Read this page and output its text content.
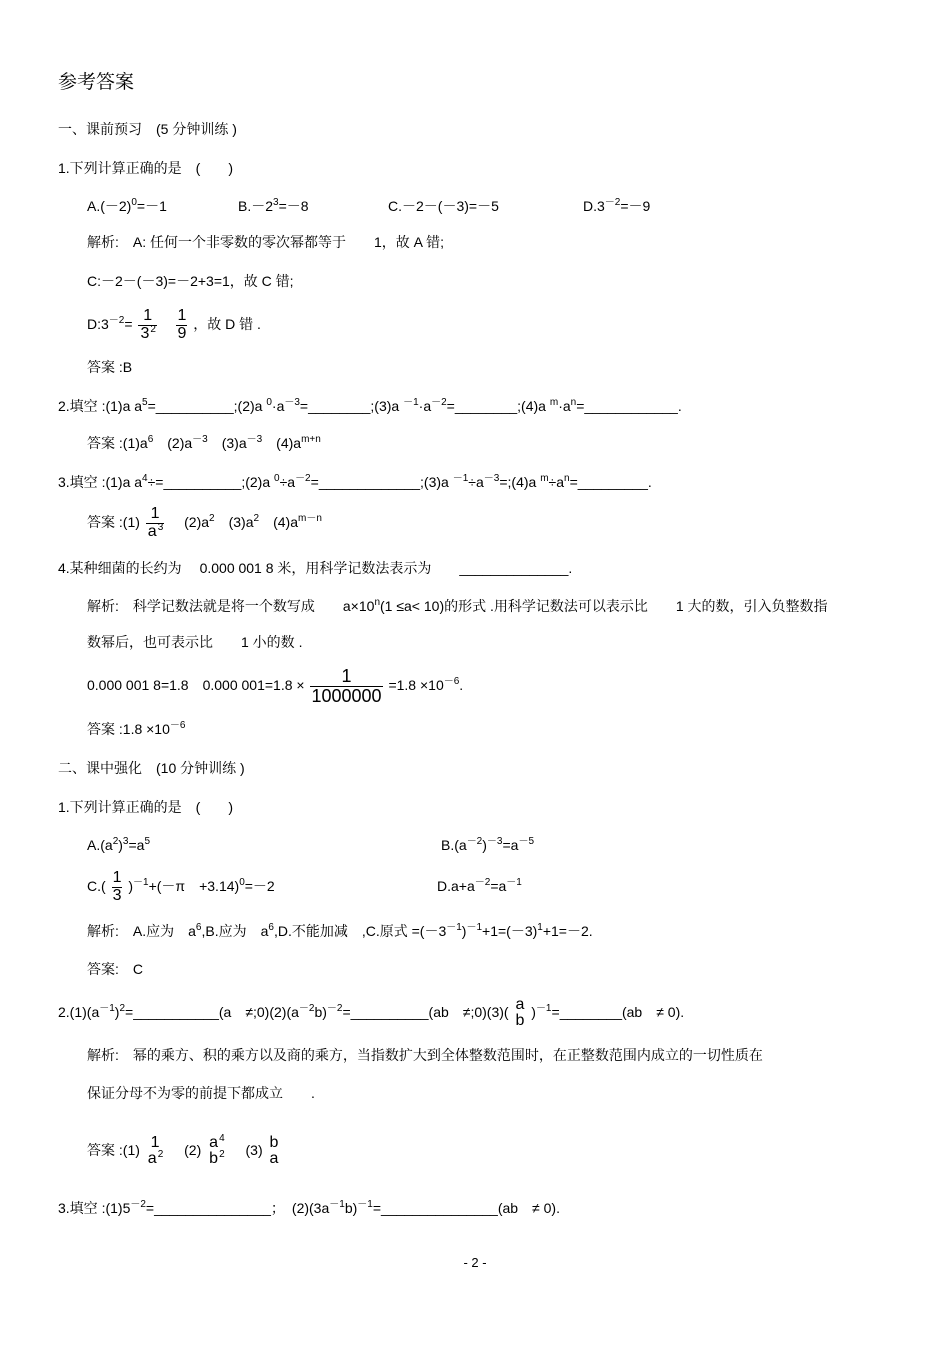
参考答案
一、课前预习　(5 分钟训练 )
1.下列计算正确的是　(　　)
$A.(-2)^0=-1$	$B.-2^3=-8$	C.－2－(－3)=－5	$D.3^{-2}=-9$
解析:　A: 任何一个非零数的零次幂都等于　　1，故 A 错;
C:－2－(－3)=－2+3=1，故 C 错;
$D:3^{-2}= \frac{1}{3^2}$
$\frac{1}{9}$ ，故 D 错 .
答案 :B
2.填空 :(1)a $a^5=\_\_\_\_\_\_\_\_\_\_;(2)a$ $^0\cdot a^{-3}=\_\_\_\_\_\_\_\_;(3)a$ $^{-1}\cdot a^{-2}=\_\_\_\_\_\_\_\_;(4)a$ $^m\cdot a^n=\_\_\_\_\_\_\_\_\_\_\_\_$.
答案 $:(1)a^6$　$(2)a^{-3}$　$(3)a^{-3}$　$(4)a^{m+n}$
3.填空 :(1)a $a^4\div=\_\_\_\_\_\_\_\_\_\_;(2)a$ $^0\div a^{-2}=\_\_\_\_\_\_\_\_\_\_\_\_\_;(3)a$ $^{-1}\div a^{-3}=;(4)a$ $^m\div a^n=\_\_\_\_\_\_\_\_\_$.
答案 :(1) $\frac{1}{a^3}$ 　$(2)a^2$　$(3)a^2$　$(4)a^{m-n}$
4.某种细菌的长约为　 0.000 001 8 米，用科学记数法表示为　　______________.
解析:　科学记数法就是将一个数写成　　$a\times 10^n(1 \le a< 10)$的形式 .用科学记数法可以表示比　　1 大的数，引入负整数指
数幂后，也可表示比　　1 小的数 .
0.000 001 8=1.8　0.000 $001=1.8 \times \frac{1}{1000000} =1.8 \times 10^{-6}$.
答案 :1.8 $\times 10^{-6}$
二、课中强化　(10 分钟训练 )
1.下列计算正确的是　(　　)
$A.(a^2)^3=a^5$	$B.(a^{-2})^{-3}=a^{-5}$
$C.( \frac{1}{3} )^{-1}+(-\pi$　+3.14)$^0$=－2	$D.a+a^{-2}=a^{-1}$
解析:　A.应为　$a^6,B$.应为　$a^6,D$.不能加减　,C.原式 $=(-3^{-1})^{-1}+1=(-3)^1+1=-2$.
答案:　C
$2.(1)(a^{-1})^2=\_\_\_\_\_\_\_\_\_\_\_(a$　$\ne;0)(2)(a^{-2}b)^{-2}=\_\_\_\_\_\_\_\_\_\_(ab$　≠;0)(3)( a
b
)$^{-1}$=________(ab　≠ 0).
解析:　幂的乘方、积的乘方以及商的乘方，当指数扩大到全体整数范围时，在正整数范围内成立的一切性质在
保证分母不为零的前提下都成立　　.
答案 :(1) 1
$a^2$ 　(2) $a^4$
$b^2$ 　(3) b
a
3.填空 $:(1)5^{-2}=\_\_\_\_\_\_\_\_\_\_\_\_\_\_\_$；　$(2)(3a^{-1}b)^{-1}=\_\_\_\_\_\_\_\_\_\_\_\_\_\_\_(ab$　≠ 0).
- 2 -
